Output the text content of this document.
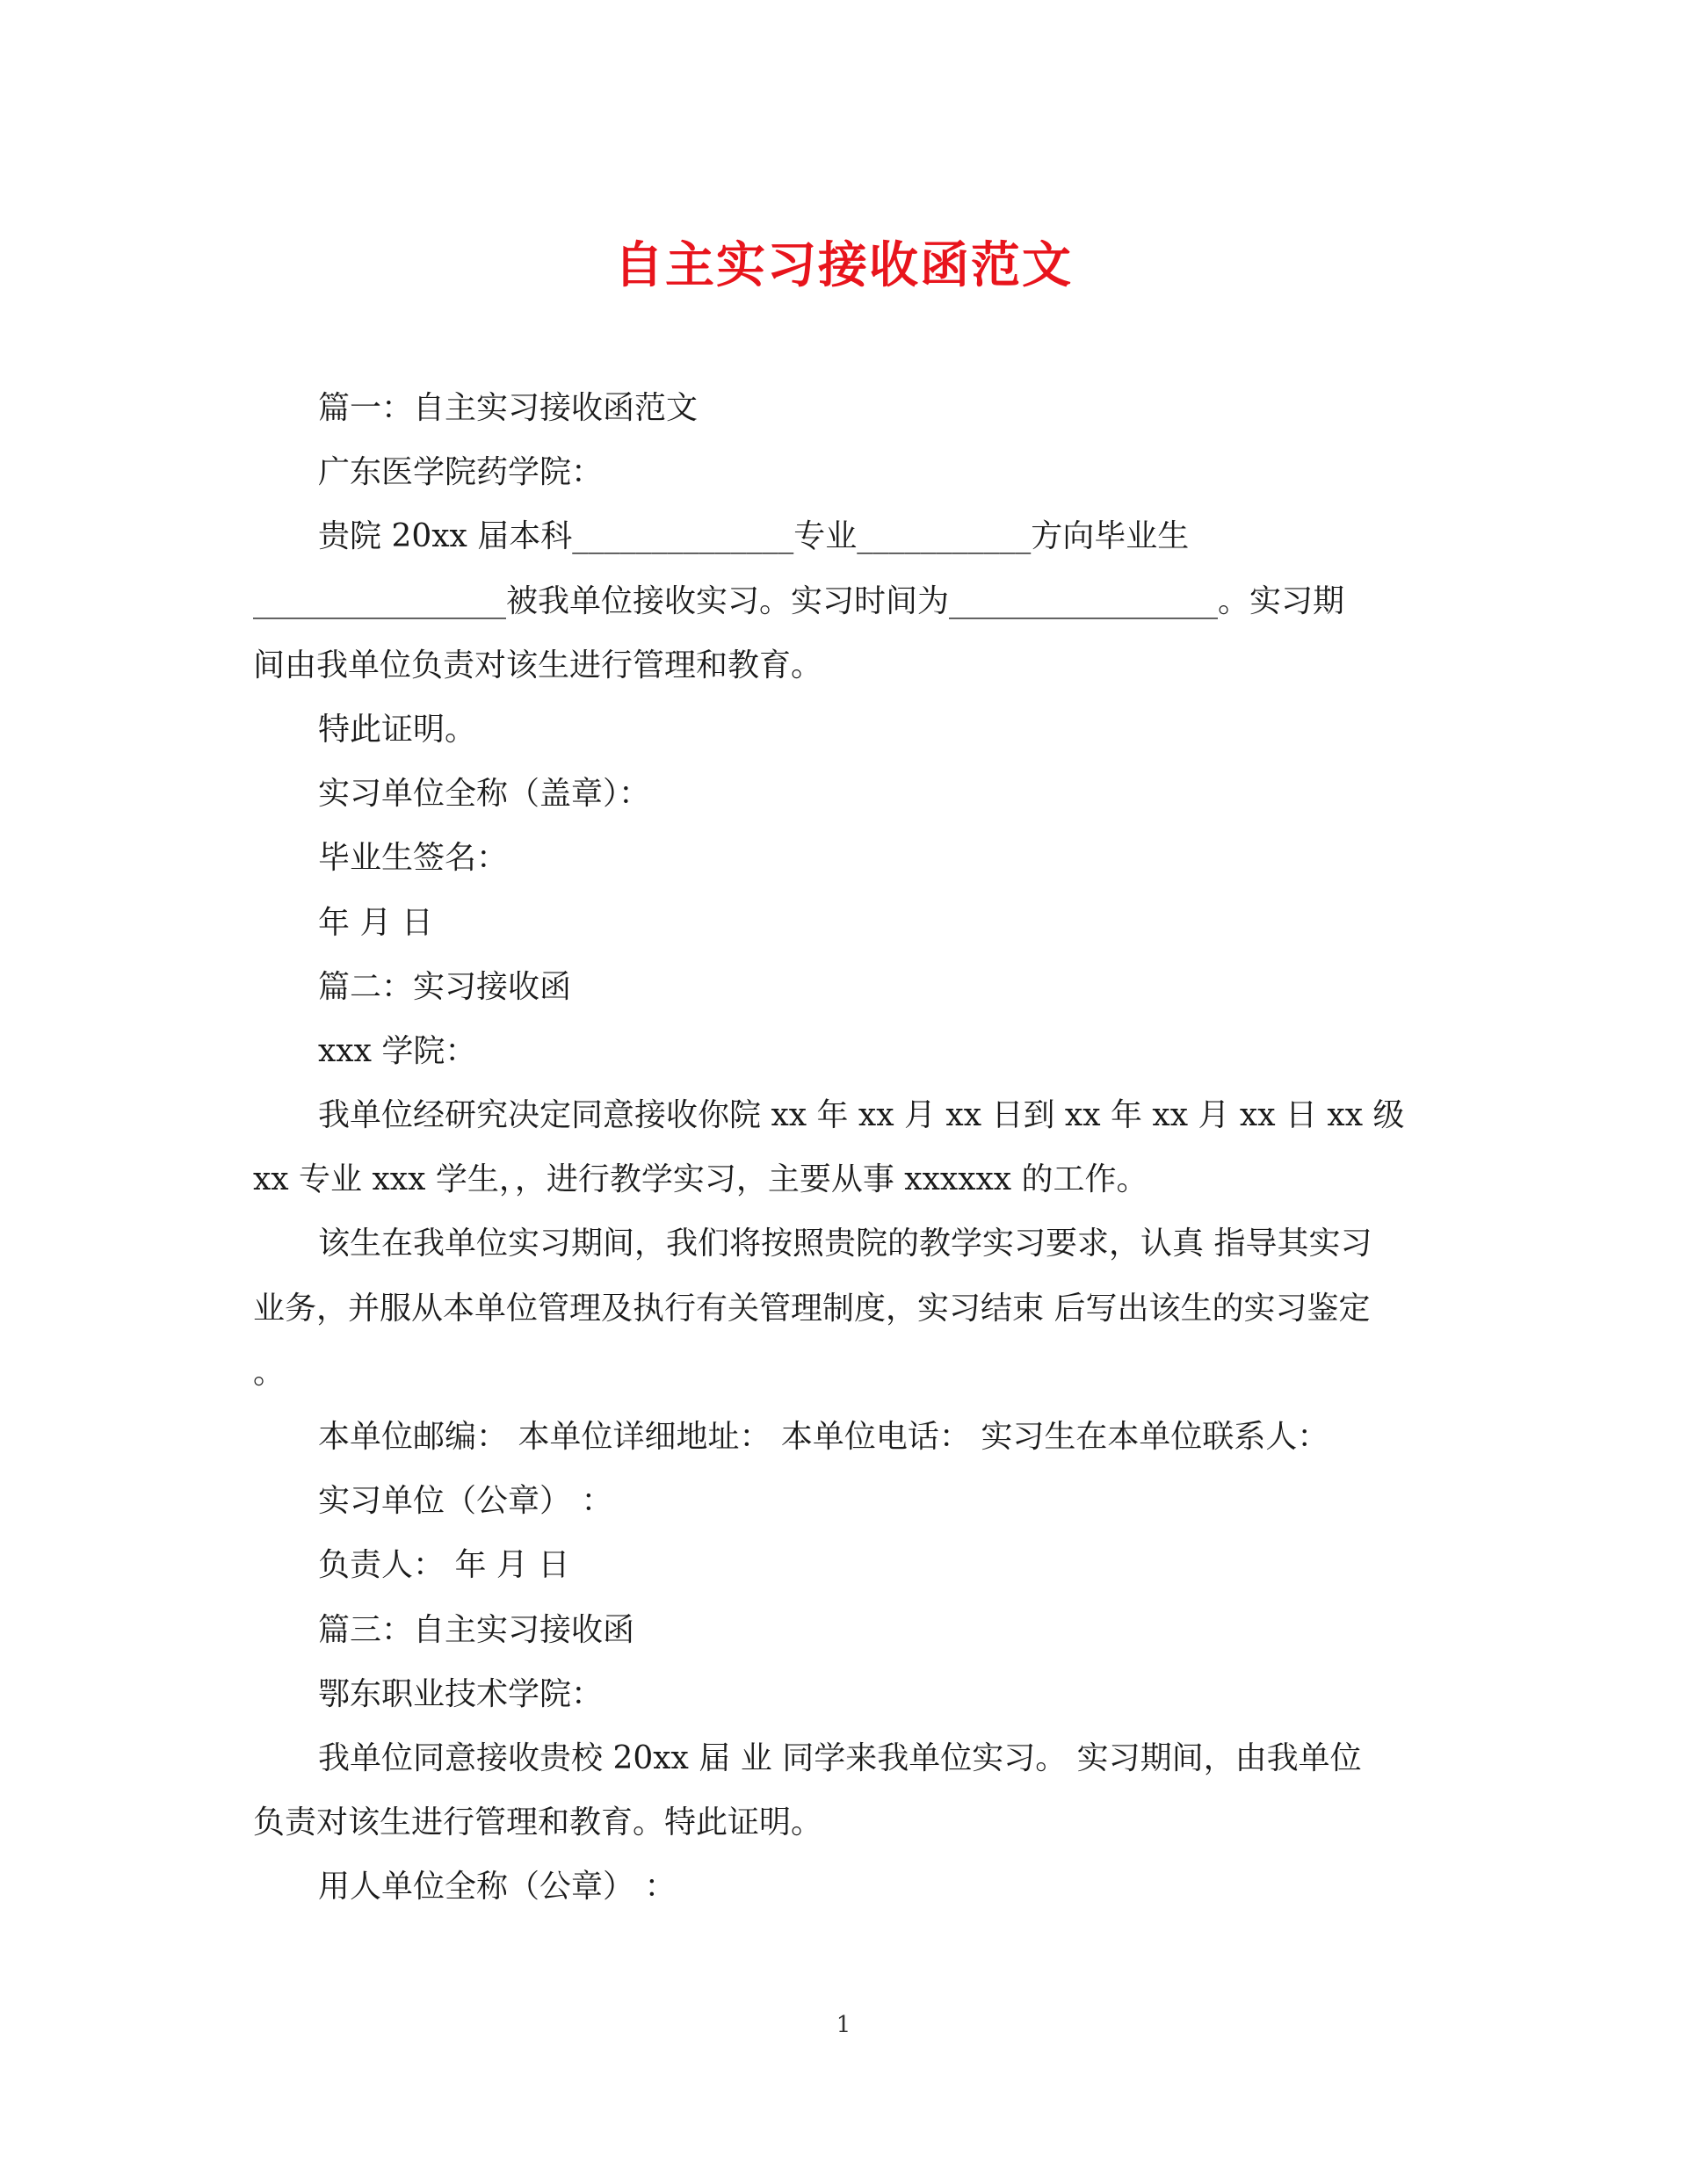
自主实习接收函范文
篇一：自主实习接收函范文
广东医学院药学院：
贵院 20xx 届本科______________专业___________方向毕业生
________________被我单位接收实习。实习时间为_________________。实习期
间由我单位负责对该生进行管理和教育。
特此证明。
实习单位全称（盖章）：
毕业生签名：
年 月 日
篇二：实习接收函
xxx 学院：
我单位经研究决定同意接收你院 xx 年 xx 月 xx 日到 xx 年 xx 月 xx 日 xx 级
xx 专业 xxx 学生，，进行教学实习，主要从事 xxxxxx 的工作。
该生在我单位实习期间，我们将按照贵院的教学实习要求，认真 指导其实习
业务，并服从本单位管理及执行有关管理制度，实习结束 后写出该生的实习鉴定
。
本单位邮编： 本单位详细地址： 本单位电话： 实习生在本单位联系人：
实习单位（公章） ：
负责人： 年 月 日
篇三：自主实习接收函
鄂东职业技术学院：
我单位同意接收贵校 20xx 届 业 同学来我单位实习。 实习期间，由我单位
负责对该生进行管理和教育。特此证明。
用人单位全称（公章） ：
1
